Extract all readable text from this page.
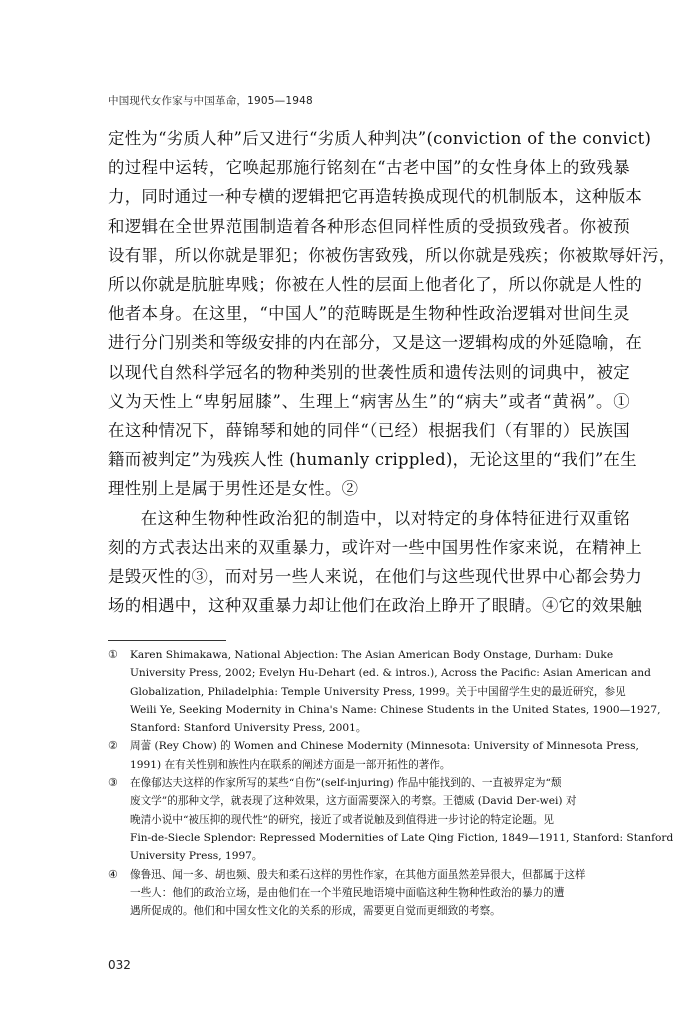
中国现代女作家与中国革命，1905—1948

定性为“劣质人种”后又进行“劣质人种判决”(conviction of the convict)
的过程中运转，它唤起那施行铭刻在“古老中国”的女性身体上的致残暴
力，同时通过一种专横的逻辑把它再造转换成现代的机制版本，这种版本
和逻辑在全世界范围制造着各种形态但同样性质的受损致残者。你被预
设有罪，所以你就是罪犯；你被伤害致残，所以你就是残疾；你被欺辱奸污，
所以你就是肮脏卑贱；你被在人性的层面上他者化了，所以你就是人性的
他者本身。在这里，“中国人”的范畴既是生物种性政治逻辑对世间生灵
进行分门别类和等级安排的内在部分，又是这一逻辑构成的外延隐喻，在
以现代自然科学冠名的物种类别的世袭性质和遗传法则的词典中，被定
义为天性上“卑躬屈膝”、生理上“病害丛生”的“病夫”或者“黄祸”。①
在这种情况下，薛锦琴和她的同伴“（已经）根据我们（有罪的）民族国
籍而被判定”为残疾人性 (humanly crippled)，无论这里的“我们”在生
理性别上是属于男性还是女性。②

在这种生物种性政治犯的制造中，以对特定的身体特征进行双重铭
刻的方式表达出来的双重暴力，或许对一些中国男性作家来说，在精神上
是毁灭性的③，而对另一些人来说，在他们与这些现代世界中心都会势力
场的相遇中，这种双重暴力却让他们在政治上睁开了眼睛。④它的效果触

① Karen Shimakawa, National Abjection: The Asian American Body Onstage, Durham: Duke
University Press, 2002; Evelyn Hu-Dehart (ed. & intros.), Across the Pacific: Asian American and
Globalization, Philadelphia: Temple University Press, 1999。关于中国留学生史的最近研究，参见
Weili Ye, Seeking Modernity in China's Name: Chinese Students in the United States, 1900—1927,
Stanford: Stanford University Press, 2001。
② 周蕾 (Rey Chow) 的 Women and Chinese Modernity (Minnesota: University of Minnesota Press,
1991) 在有关性别和族性内在联系的阐述方面是一部开拓性的著作。
③ 在像郁达夫这样的作家所写的某些“自伤”(self-injuring) 作品中能找到的、一直被界定为“颓
废文学”的那种文学，就表现了这种效果，这方面需要深入的考察。王德威 (David Der-wei) 对
晚清小说中“被压抑的现代性”的研究，接近了或者说触及到值得进一步讨论的特定论题。见
Fin-de-Siecle Splendor: Repressed Modernities of Late Qing Fiction, 1849—1911, Stanford: Stanford
University Press, 1997。
④ 像鲁迅、闻一多、胡也频、殷夫和柔石这样的男性作家，在其他方面虽然差异很大，但都属于这样
一些人：他们的政治立场，是由他们在一个半殖民地语境中面临这种生物种性政治的暴力的遭
遇所促成的。他们和中国女性文化的关系的形成，需要更自觉而更细致的考察。
032
